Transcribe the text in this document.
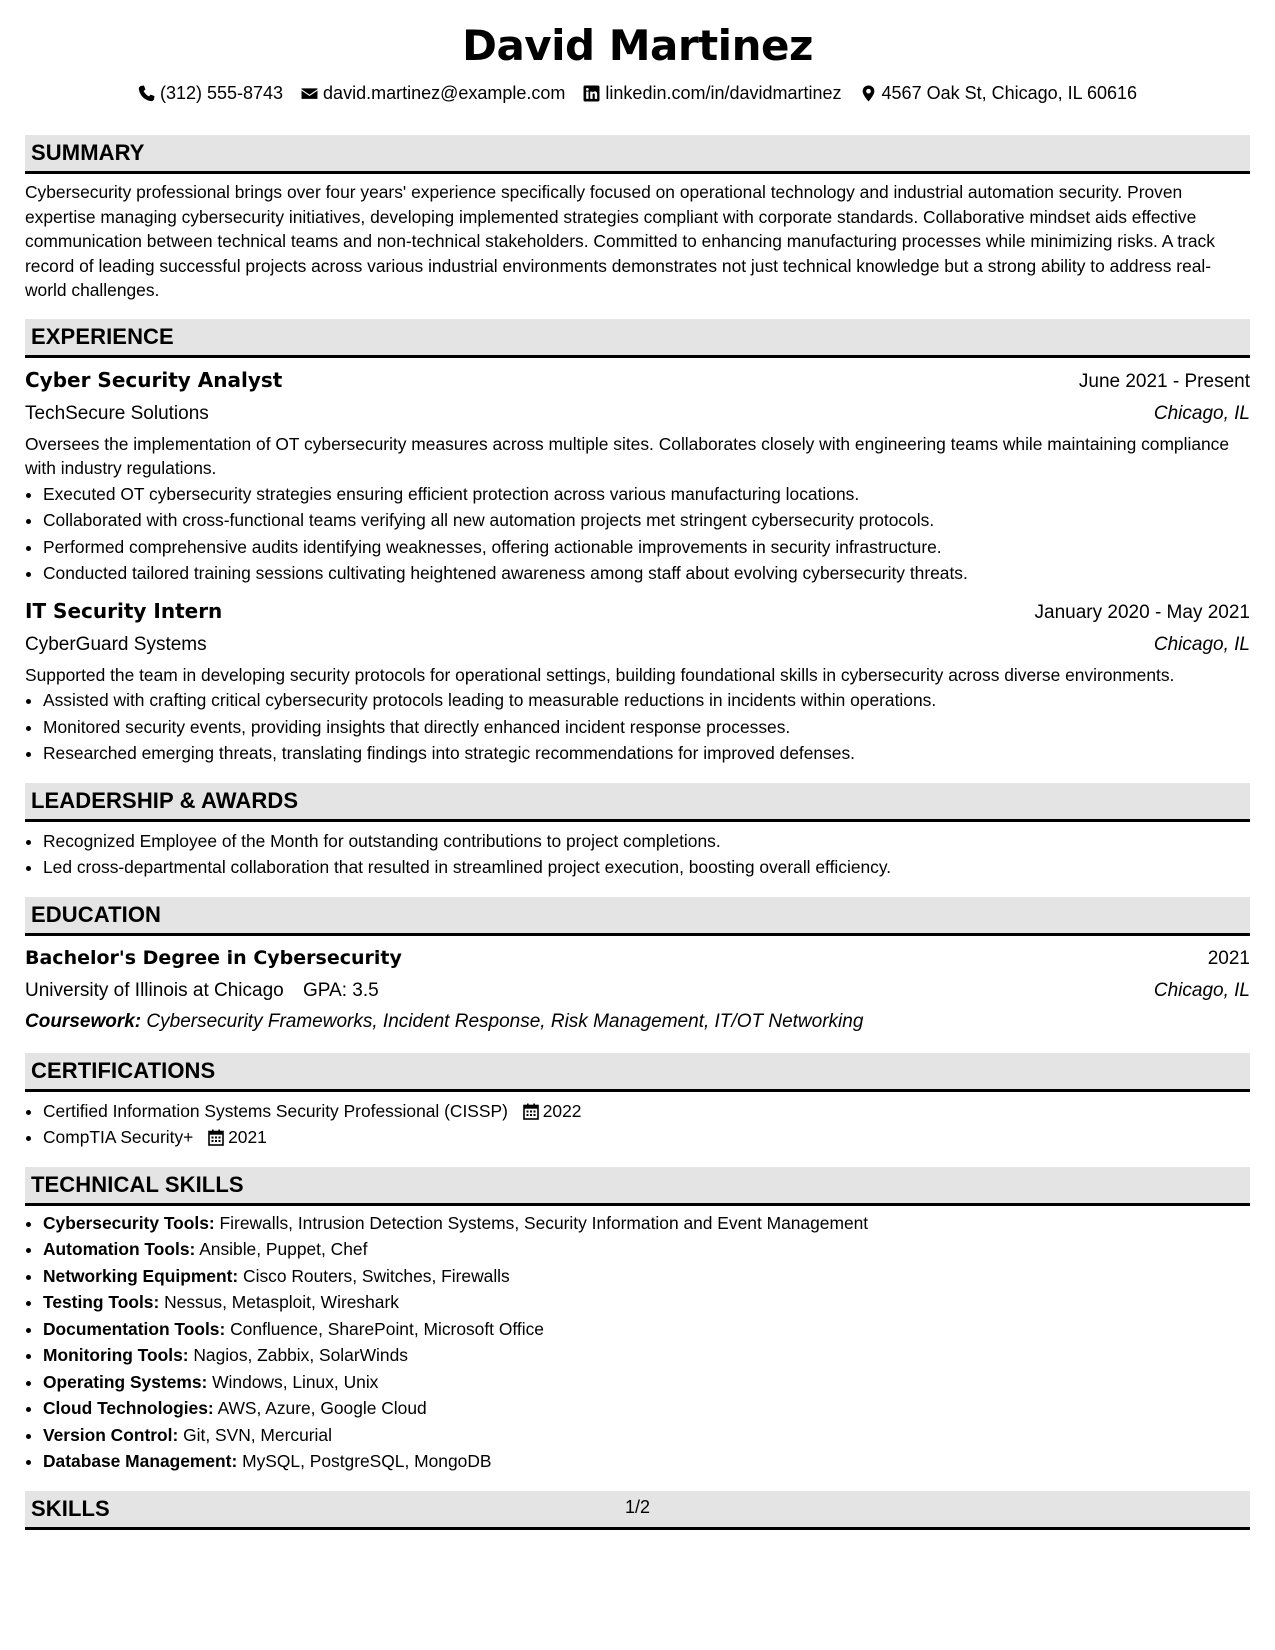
David Martinez
(312) 555-8743 david.martinez@example.com linkedin.com/in/davidmartinez 4567 Oak St, Chicago, IL 60616
SUMMARY

Cybersecurity professional brings over four years' experience specifically focused on operational technology and industrial automation security. Proven expertise managing cybersecurity initiatives, developing implemented strategies compliant with corporate standards. Collaborative mindset aids effective communication between technical teams and non-technical stakeholders. Committed to enhancing manufacturing processes while minimizing risks. A track record of leading successful projects across various industrial environments demonstrates not just technical knowledge but a strong ability to address real-world challenges.

EXPERIENCE
Cyber Security Analyst	June 2021 - Present
TechSecure Solutions	Chicago, IL

Oversees the implementation of OT cybersecurity measures across multiple sites. Collaborates closely with engineering teams while maintaining compliance with industry regulations.

• Executed OT cybersecurity strategies ensuring efficient protection across various manufacturing locations.
• Collaborated with cross-functional teams verifying all new automation projects met stringent cybersecurity protocols.
• Performed comprehensive audits identifying weaknesses, offering actionable improvements in security infrastructure.
• Conducted tailored training sessions cultivating heightened awareness among staff about evolving cybersecurity threats.
IT Security Intern	January 2020 - May 2021
CyberGuard Systems	Chicago, IL

Supported the team in developing security protocols for operational settings, building foundational skills in cybersecurity across diverse environments.

• Assisted with crafting critical cybersecurity protocols leading to measurable reductions in incidents within operations.
• Monitored security events, providing insights that directly enhanced incident response processes.
• Researched emerging threats, translating findings into strategic recommendations for improved defenses.
LEADERSHIP & AWARDS
• Recognized Employee of the Month for outstanding contributions to project completions.
• Led cross-departmental collaboration that resulted in streamlined project execution, boosting overall efficiency.
EDUCATION
Bachelor's Degree in Cybersecurity	2021
University of Illinois at Chicago GPA: 3.5	Chicago, IL
Coursework: Cybersecurity Frameworks, Incident Response, Risk Management, IT/OT Networking
CERTIFICATIONS
• Certified Information Systems Security Professional (CISSP) 2022
• CompTIA Security+ 2021
TECHNICAL SKILLS
• Cybersecurity Tools: Firewalls, Intrusion Detection Systems, Security Information and Event Management
• Automation Tools: Ansible, Puppet, Chef
• Networking Equipment: Cisco Routers, Switches, Firewalls
• Testing Tools: Nessus, Metasploit, Wireshark
• Documentation Tools: Confluence, SharePoint, Microsoft Office
• Monitoring Tools: Nagios, Zabbix, SolarWinds
• Operating Systems: Windows, Linux, Unix
• Cloud Technologies: AWS, Azure, Google Cloud
• Version Control: Git, SVN, Mercurial
• Database Management: MySQL, PostgreSQL, MongoDB
SKILLS	1/2
